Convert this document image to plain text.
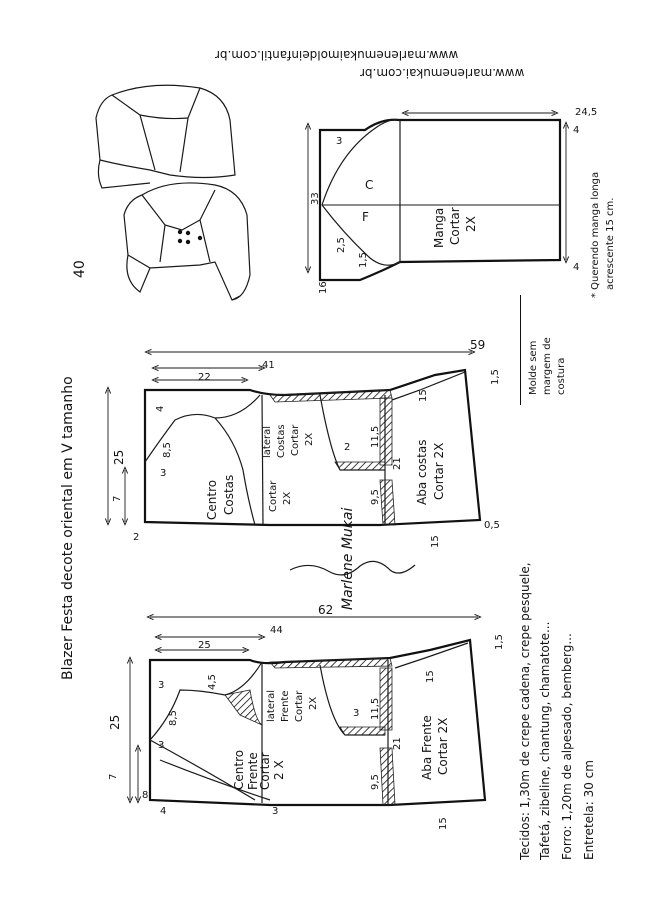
www.marlenemukaimoldeinfantil.com.br
www.marlenemukai.com.br
Blazer Festa decote oriental em V tamanho
40
Manga Cortar 2X
33
24,5
2,5
1,5
3
16
4
4
C
F	* Querendo manga longa acrescente 15 cm.
Molde sem margem de costura
59
41
22
25
7	Centro Costas
lateral Costas Cortar 2X
Cortar 2X	Aba costas Cortar 2X
4
8,5
3
2 11,5
21
9,5
15
1,5
0,5
15
2
62
44
25
25
7	Centro Frente
Cortar 2 X
lateral Frente Cortar 2X
Aba Frente Cortar 2X
3	4,5
8,5
3
3
9,5
11,5
21
15
1,5
15
8
4	3	Tecidos: 1,30m de crepe cadena, crepe pesquele, Tafetá, zibeline, chantung, chamatote... Forro: 1,20m de alpesado, bemberg... Entretela: 30 cm
Marlene Mukai
